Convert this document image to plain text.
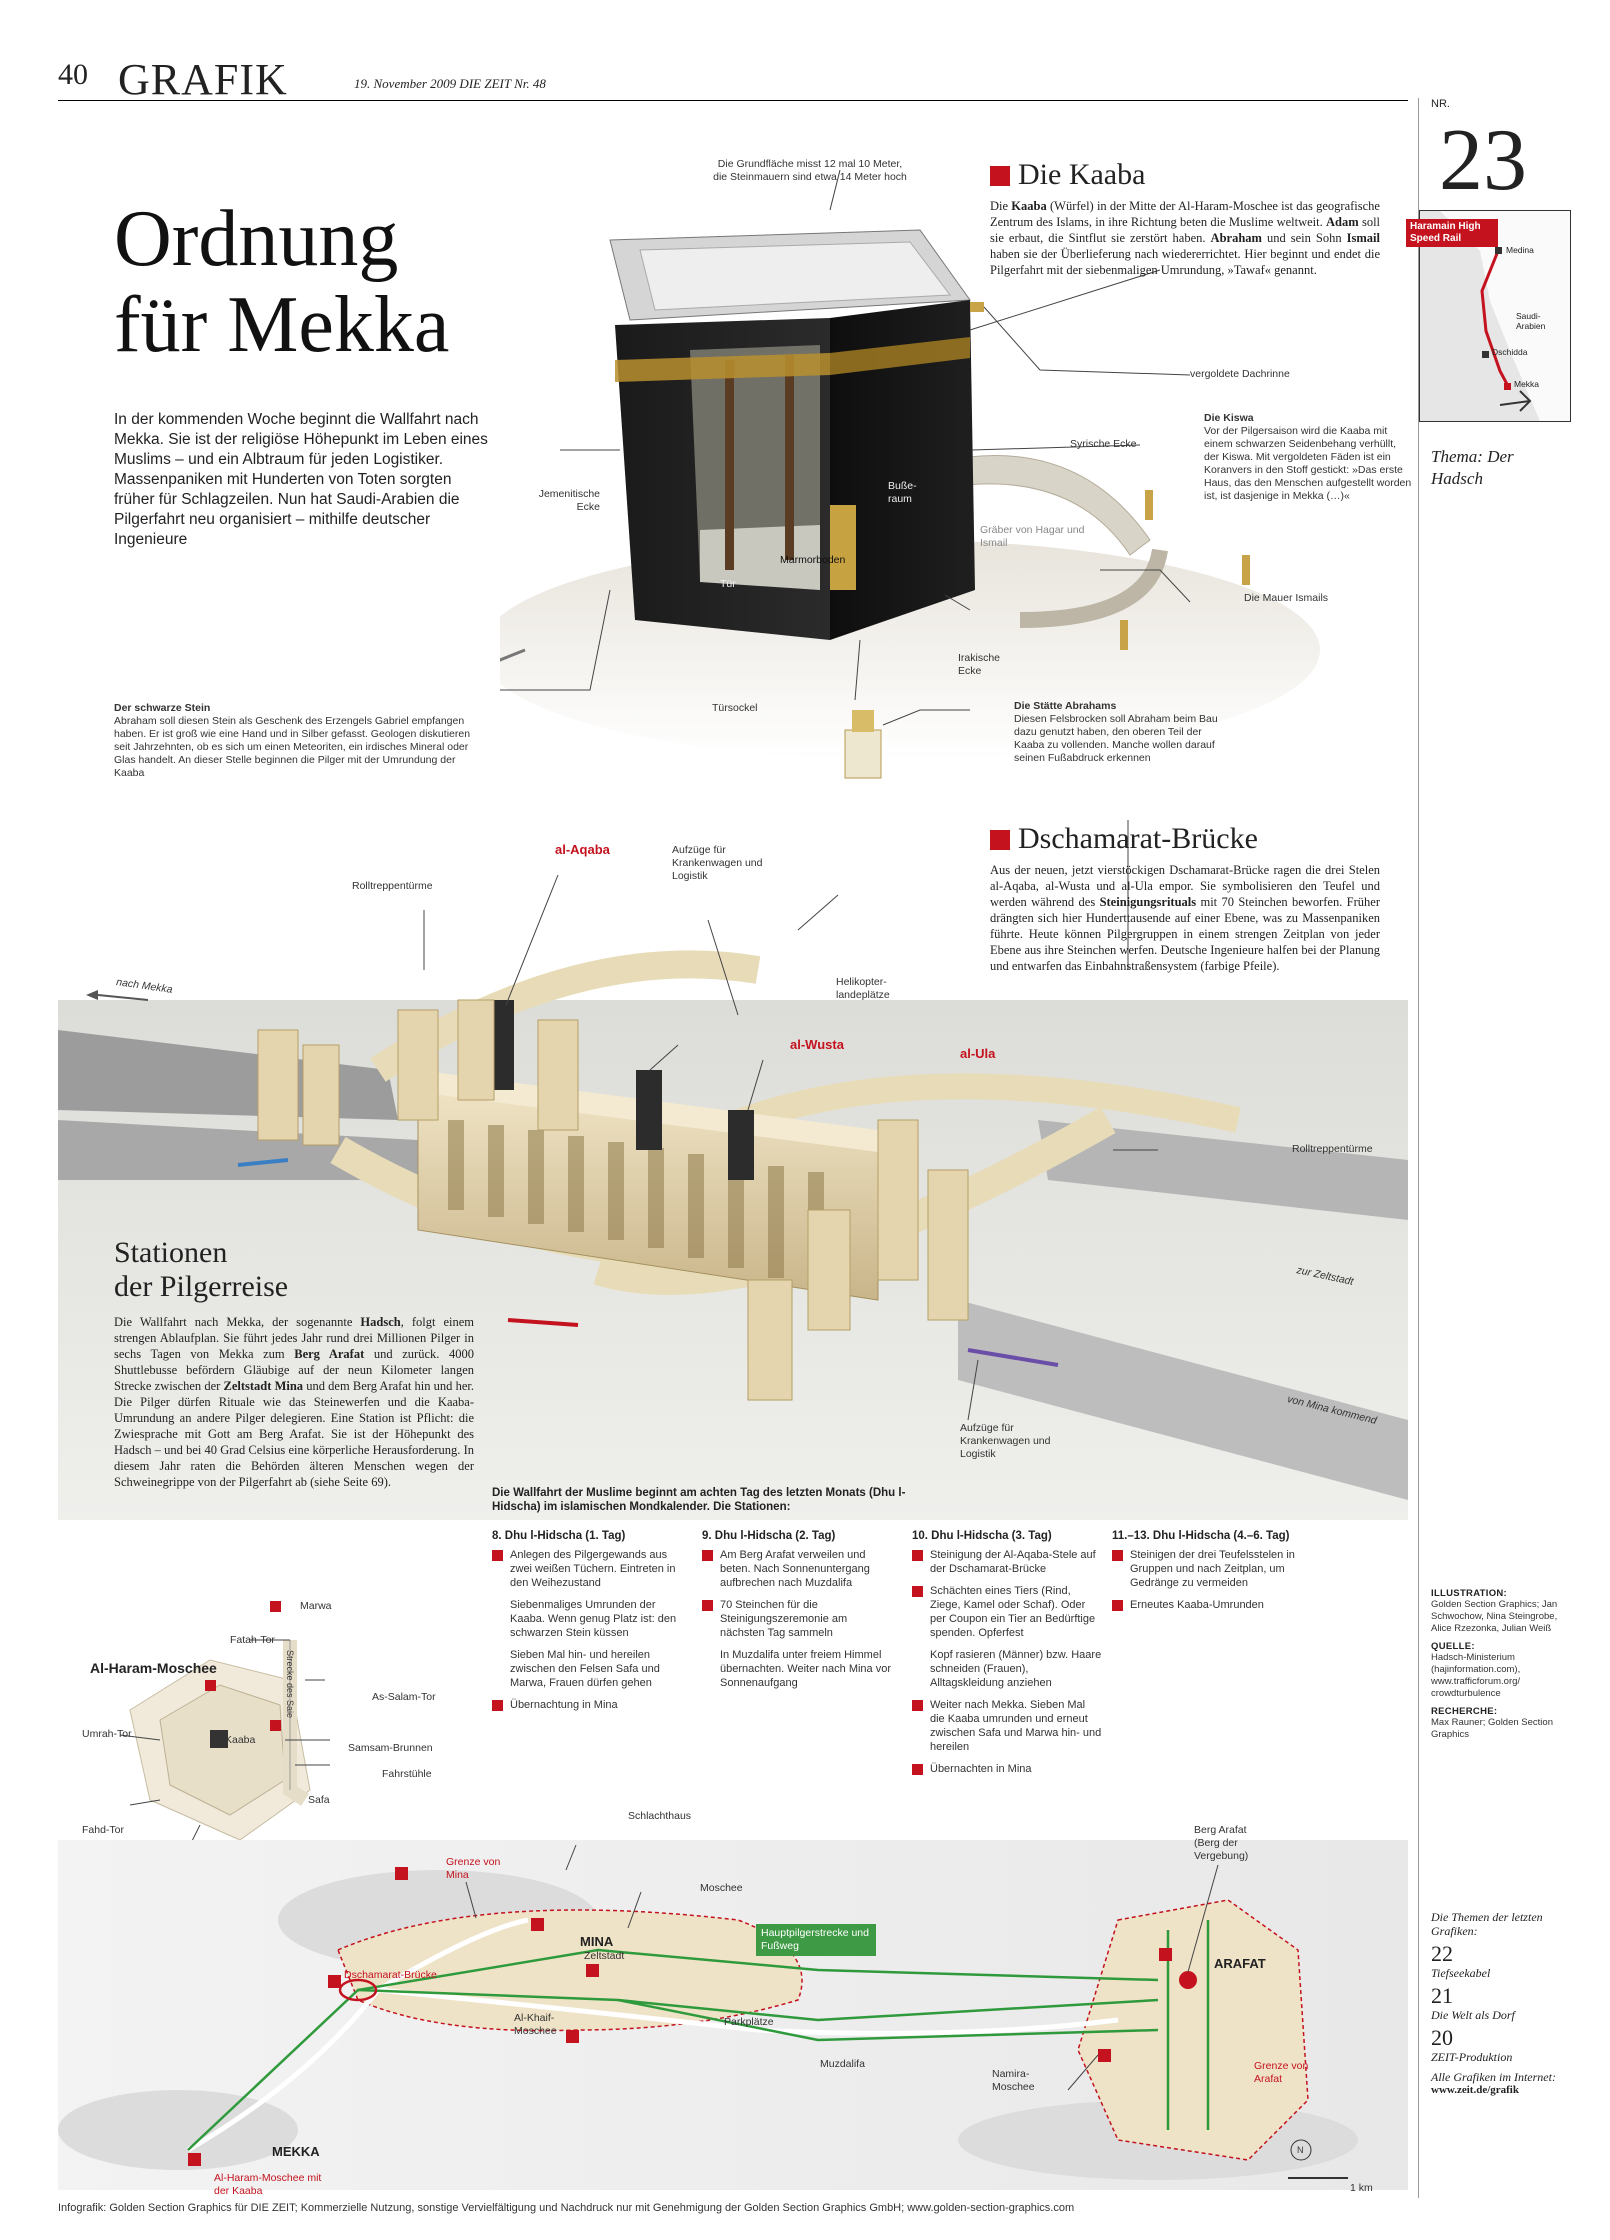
40 GRAFIK	19. November 2009 DIE ZEIT Nr. 48
Ordnung
für Mekka
In der kommenden Woche beginnt die Wallfahrt nach Mekka. Sie ist der religiöse Höhepunkt im Leben eines Muslims – und ein Albtraum für jeden Logistiker. Massenpaniken mit Hunderten von Toten sorgten früher für Schlagzeilen. Nun hat Saudi-Arabien die Pilgerfahrt neu organisiert – mithilfe deutscher Ingenieure
Die Grundfläche misst 12 mal 10 Meter,
die Steinmauern sind etwa 14 Meter hoch
vergoldete Dachrinne
Die Kiswa
Vor der Pilgersaison wird die Kaaba mit einem schwarzen Seidenbehang verhüllt, der Kiswa. Mit vergoldeten Fäden ist ein Koranvers in den Stoff gestickt: »Das erste Haus, das den Menschen aufgestellt worden ist, ist dasjenige in Mekka (…)«
Syrische Ecke
Jemenitische Ecke
Buße-raum
Marmorboden
Tür
Gräber von Hagar und Ismail
Die Mauer Ismails
Irakische Ecke
Türsockel
Der schwarze Stein
Abraham soll diesen Stein als Geschenk des Erzengels Gabriel empfangen haben. Er ist groß wie eine Hand und in Silber gefasst. Geologen diskutieren seit Jahrzehnten, ob es sich um einen Meteoriten, ein irdisches Mineral oder Glas handelt. An dieser Stelle beginnen die Pilger mit der Umrundung der Kaaba
Die Stätte Abrahams
Diesen Felsbrocken soll Abraham beim Bau dazu genutzt haben, den oberen Teil der Kaaba zu vollenden. Manche wollen darauf seinen Fußabdruck erkennen
Die Kaaba
Die Kaaba (Würfel) in der Mitte der Al-Haram-Moschee ist das geografische Zentrum des Islams, in ihre Richtung beten die Muslime weltweit. Adam soll sie erbaut, die Sintflut sie zerstört haben. Abraham und sein Sohn Ismail haben sie der Überlieferung nach wiedererrichtet. Hier beginnt und endet die Pilgerfahrt mit der siebenmaligen Umrundung, »Tawaf« genannt.
Rolltreppentürme
al-Aqaba	Aufzüge für Krankenwagen und Logistik
Helikopter-landeplätze
al-Wusta
al-Ula
Rolltreppentürme
nach Mekka
zur Zeltstadt
von Mina kommend
Aufzüge für Krankenwagen und Logistik
Dschamarat-Brücke
Aus der neuen, jetzt vierstöckigen Dschamarat-Brücke ragen die drei Stelen al-Aqaba, al-Wusta und al-Ula empor. Sie symbolisieren den Teufel und werden während des Steinigungsrituals mit 70 Steinchen beworfen. Früher drängten sich hier Hunderttausende auf einer Ebene, was zu Massenpaniken führte. Heute können Pilgergruppen in einem strengen Zeitplan von jeder Ebene aus ihre Steinchen werfen. Deutsche Ingenieure halfen bei der Planung und entwarfen das Einbahnstraßensystem (farbige Pfeile).
Stationen
der Pilgerreise
Die Wallfahrt nach Mekka, der sogenannte Hadsch, folgt einem strengen Ablaufplan. Sie führt jedes Jahr rund drei Millionen Pilger in sechs Tagen von Mekka zum Berg Arafat und zurück. 4000 Shuttlebusse befördern Gläubige auf der neun Kilometer langen Strecke zwischen der Zeltstadt Mina und dem Berg Arafat hin und her. Die Pilger dürfen Rituale wie das Steinewerfen und die Kaaba-Umrundung an andere Pilger delegieren. Eine Station ist Pflicht: die Zwiesprache mit Gott am Berg Arafat. Sie ist der Höhepunkt des Hadsch – und bei 40 Grad Celsius eine körperliche Herausforderung. In diesem Jahr raten die Behörden älteren Menschen wegen der Schweinegrippe von der Pilgerfahrt ab (siehe Seite 69).
Die Wallfahrt der Muslime beginnt am achten Tag des letzten Monats (Dhu l-Hidscha) im islamischen Mondkalender. Die Stationen:
8. Dhu l-Hidscha (1. Tag)
Anlegen des Pilgergewands aus zwei weißen Tüchern. Eintreten in den Weihezustand
Siebenmaliges Umrunden der Kaaba. Wenn genug Platz ist: den schwarzen Stein küssen
Sieben Mal hin- und hereilen zwischen den Felsen Safa und Marwa, Frauen dürfen gehen
Übernachtung in Mina
9. Dhu l-Hidscha (2. Tag)
Am Berg Arafat verweilen und beten. Nach Sonnenuntergang aufbrechen nach Muzdalifa
70 Steinchen für die Steinigungszeremonie am nächsten Tag sammeln
In Muzdalifa unter freiem Himmel übernachten. Weiter nach Mina vor Sonnenaufgang
10. Dhu l-Hidscha (3. Tag)
Steinigung der Al-Aqaba-Stele auf der Dschamarat-Brücke
Schächten eines Tiers (Rind, Ziege, Kamel oder Schaf). Oder per Coupon ein Tier an Bedürftige spenden. Opferfest
Kopf rasieren (Männer) bzw. Haare schneiden (Frauen), Alltagskleidung anziehen
Weiter nach Mekka. Sieben Mal die Kaaba umrunden und erneut zwischen Safa und Marwa hin- und hereilen
Übernachten in Mina
11.–13. Dhu l-Hidscha (4.–6. Tag)
Steinigen der drei Teufelsstelen in Gruppen und nach Zeitplan, um Gedränge zu vermeiden
Erneutes Kaaba-Umrunden
Al-Haram-Moschee
Marwa
Fatah-Tor
As-Salam-Tor
Umrah-Tor	Kaaba
Samsam-Brunnen
Fahrstühle
Safa
Fahd-Tor
Strecke des Saie
Schlachthaus
Grenze von Mina
Moschee
MINA
Zeltstadt
Dschamarat-Brücke
Hauptpilgerstrecke und Fußweg
Al-Khaif-Moschee
Parkplätze
Muzdalifa
Berg Arafat (Berg der Vergebung)
ARAFAT
Namira-Moschee
Grenze von Arafat
MEKKA
Al-Haram-Moschee mit der Kaaba
N
1 km
NR.
23
Haramain High Speed Rail
Medina
Saudi-Arabien
Dschidda
Mekka
Thema: Der Hadsch
ILLUSTRATION:
Golden Section Graphics; Jan Schwochow, Nina Steingrobe, Alice Rzezonka, Julian Weiß
QUELLE:
Hadsch-Ministerium (hajinformation.com), www.trafficforum.org/ crowdturbulence
RECHERCHE:
Max Rauner; Golden Section Graphics
Die Themen der letzten Grafiken:
22
Tiefseekabel
21
Die Welt als Dorf
20
ZEIT-Produktion
Alle Grafiken im Internet:
www.zeit.de/grafik
Infografik: Golden Section Graphics für DIE ZEIT; Kommerzielle Nutzung, sonstige Vervielfältigung und Nachdruck nur mit Genehmigung der Golden Section Graphics GmbH; www.golden-section-graphics.com
